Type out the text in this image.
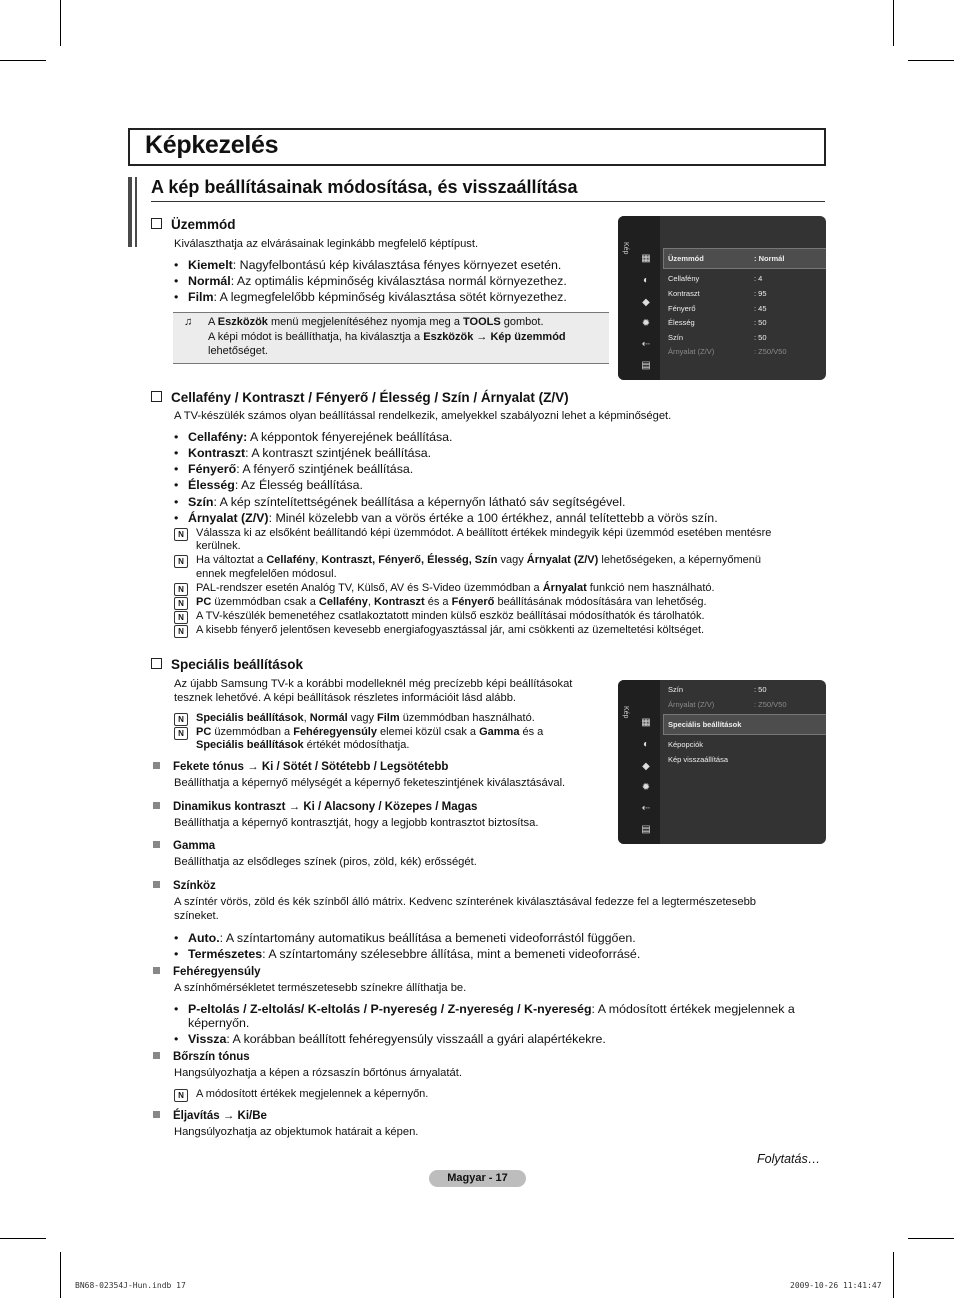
Képkezelés
A kép beállításainak módosítása, és visszaállítása
Üzemmód
Kiválaszthatja az elvárásainak leginkább megfelelő képtípust.
• Kiemelt: Nagyfelbontású kép kiválasztása fényes környezet esetén.
• Normál: Az optimális képminőség kiválasztása normál környezethez.
• Film: A legmegfelelőbb képminőség kiválasztása sötét környezethez.
♫ A Eszközök menü megjelenítéséhez nyomja meg a TOOLS gombot.
A képi módot is beállíthatja, ha kiválasztja a Eszközök → Kép üzemmód
lehetőséget.
Kép
▦
◐
◆
✹
⇠
▤
Üzemmód	: Normál
Cellafény	: 4
Kontraszt	: 95
Fényerő	: 45
Élesség	: 50
Szín	: 50
Árnyalat (Z/V)	: Z50/V50
Cellafény / Kontraszt / Fényerő / Élesség / Szín / Árnyalat (Z/V)
A TV-készülék számos olyan beállítással rendelkezik, amelyekkel szabályozni lehet a képminőséget.
• Cellafény: A képpontok fényerejének beállítása.
• Kontraszt: A kontraszt szintjének beállítása.
• Fényerő: A fényerő szintjének beállítása.
• Élesség: Az Élesség beállítása.
• Szín: A kép színtelítettségének beállítása a képernyőn látható sáv segítségével.
• Árnyalat (Z/V): Minél közelebb van a vörös értéke a 100 értékhez, annál telítettebb a vörös szín.
N Válassza ki az elsőként beállítandó képi üzemmódot. A beállított értékek mindegyik képi üzemmód esetében mentésre
kerülnek.
N Ha változtat a Cellafény, Kontraszt, Fényerő, Élesség, Szín vagy Árnyalat (Z/V) lehetőségeken, a képernyőmenü
ennek megfelelően módosul.
N PAL-rendszer esetén Analóg TV, Külső, AV és S-Video üzemmódban a Árnyalat funkció nem használható.
N PC üzemmódban csak a Cellafény, Kontraszt és a Fényerő beállításának módosítására van lehetőség.
N A TV-készülék bemenetéhez csatlakoztatott minden külső eszköz beállításai módosíthatók és tárolhatók.
N A kisebb fényerő jelentősen kevesebb energiafogyasztással jár, ami csökkenti az üzemeltetési költséget.
Speciális beállítások
Az újabb Samsung TV-k a korábbi modelleknél még precízebb képi beállításokat
tesznek lehetővé. A képi beállítások részletes információit lásd alább.
N Speciális beállítások, Normál vagy Film üzemmódban használható.
N PC üzemmódban a Fehéregyensúly elemei közül csak a Gamma és a
Speciális beállítások értékét módosíthatja.
Kép
▦
◐
◆
✹
⇠
▤
Szín	: 50
Árnyalat (Z/V)	: Z50/V50
Speciális beállítások
Képopciók
Kép visszaállítása
Fekete tónus → Ki / Sötét / Sötétebb / Legsötétebb
Beállíthatja a képernyő mélységét a képernyő feketeszintjének kiválasztásával.
Dinamikus kontraszt → Ki / Alacsony / Közepes / Magas
Beállíthatja a képernyő kontrasztját, hogy a legjobb kontrasztot biztosítsa.
Gamma
Beállíthatja az elsődleges színek (piros, zöld, kék) erősségét.
Színköz
A színtér vörös, zöld és kék színből álló mátrix. Kedvenc színterének kiválasztásával fedezze fel a legtermészetesebb
színeket.
• Auto.: A színtartomány automatikus beállítása a bemeneti videoforrástól függően.
• Természetes: A színtartomány szélesebbre állítása, mint a bemeneti videoforrásé.
Fehéregyensúly
A színhőmérsékletet természetesebb színekre állíthatja be.
• P-eltolás / Z-eltolás/ K-eltolás / P-nyereség / Z-nyereség / K-nyereség: A módosított értékek megjelennek a
képernyőn.
• Vissza: A korábban beállított fehéregyensúly visszaáll a gyári alapértékekre.
Bőrszín tónus
Hangsúlyozhatja a képen a rózsaszín bőrtónus árnyalatát.
N A módosított értékek megjelennek a képernyőn.
Éljavítás → Ki/Be
Hangsúlyozhatja az objektumok határait a képen.
Folytatás…
Magyar - 17
BN68-02354J-Hun.indb 17	2009-10-26 11:41:47
